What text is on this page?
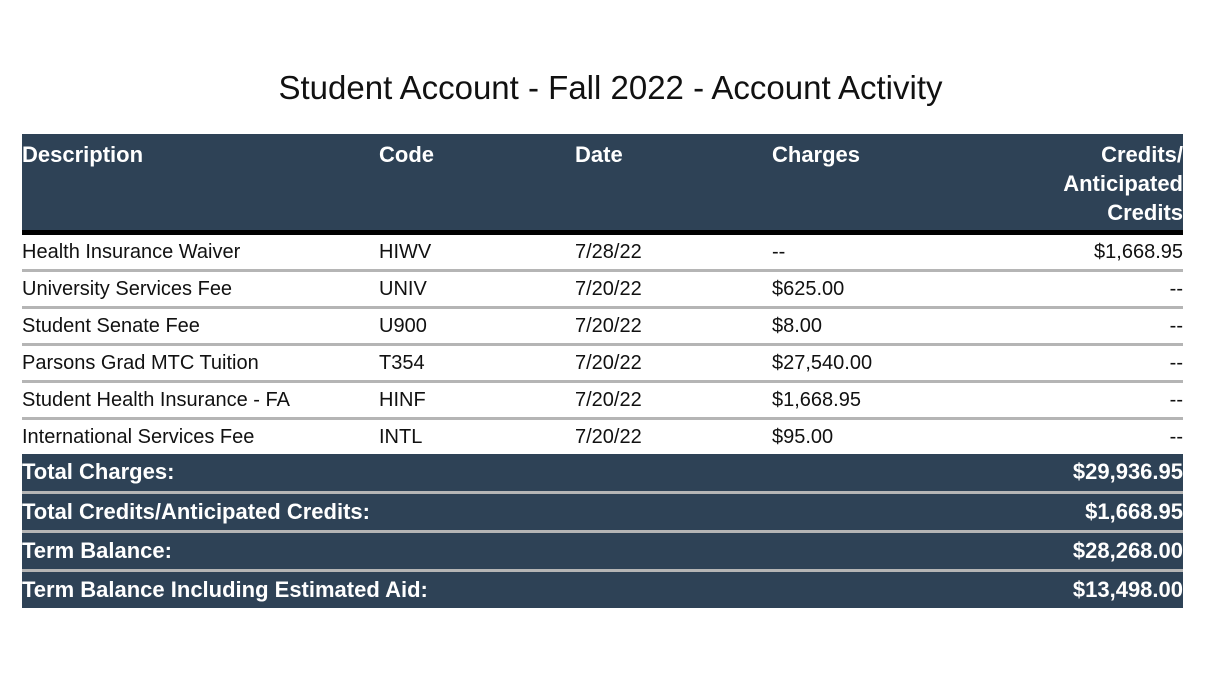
Student Account - Fall 2022 - Account Activity
Description	Code	Date	Charges	Credits/
Anticipated
Credits
Health Insurance Waiver	HIWV	7/28/22	--	$1,668.95
University Services Fee	UNIV	7/20/22	$625.00	--
Student Senate Fee	U900	7/20/22	$8.00	--
Parsons Grad MTC Tuition	T354	7/20/22	$27,540.00	--
Student Health Insurance - FA	HINF	7/20/22	$1,668.95	--
International Services Fee	INTL	7/20/22	$95.00	--
Total Charges:				$29,936.95
Total Credits/Anticipated Credits:				$1,668.95
Term Balance:				$28,268.00
Term Balance Including Estimated Aid:				$13,498.00
